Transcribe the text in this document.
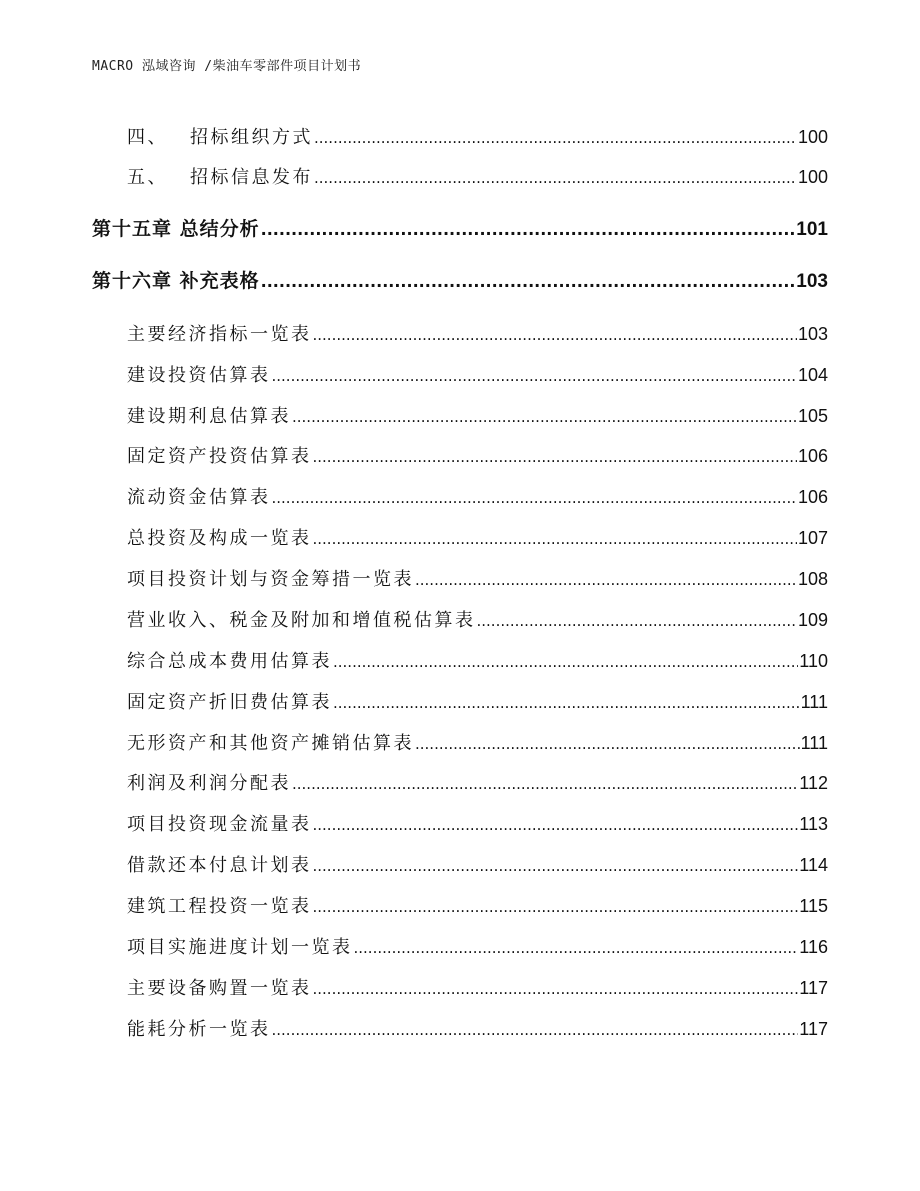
MACRO 泓域咨询 /柴油车零部件项目计划书
四、 招标组织方式 .....	100
五、 招标信息发布 .....	100
第十五章 总结分析 .....	101
第十六章 补充表格 .....	103
主要经济指标一览表 .....	103
建设投资估算表 .....	104
建设期利息估算表 .....	105
固定资产投资估算表 .....	106
流动资金估算表 .....	106
总投资及构成一览表 .....	107
项目投资计划与资金筹措一览表 .....	108
营业收入、税金及附加和增值税估算表 .....	109
综合总成本费用估算表 .....	110
固定资产折旧费估算表 .....	111
无形资产和其他资产摊销估算表 .....	111
利润及利润分配表 .....	112
项目投资现金流量表 .....	113
借款还本付息计划表 .....	114
建筑工程投资一览表 .....	115
项目实施进度计划一览表 .....	116
主要设备购置一览表 .....	117
能耗分析一览表 .....	117
